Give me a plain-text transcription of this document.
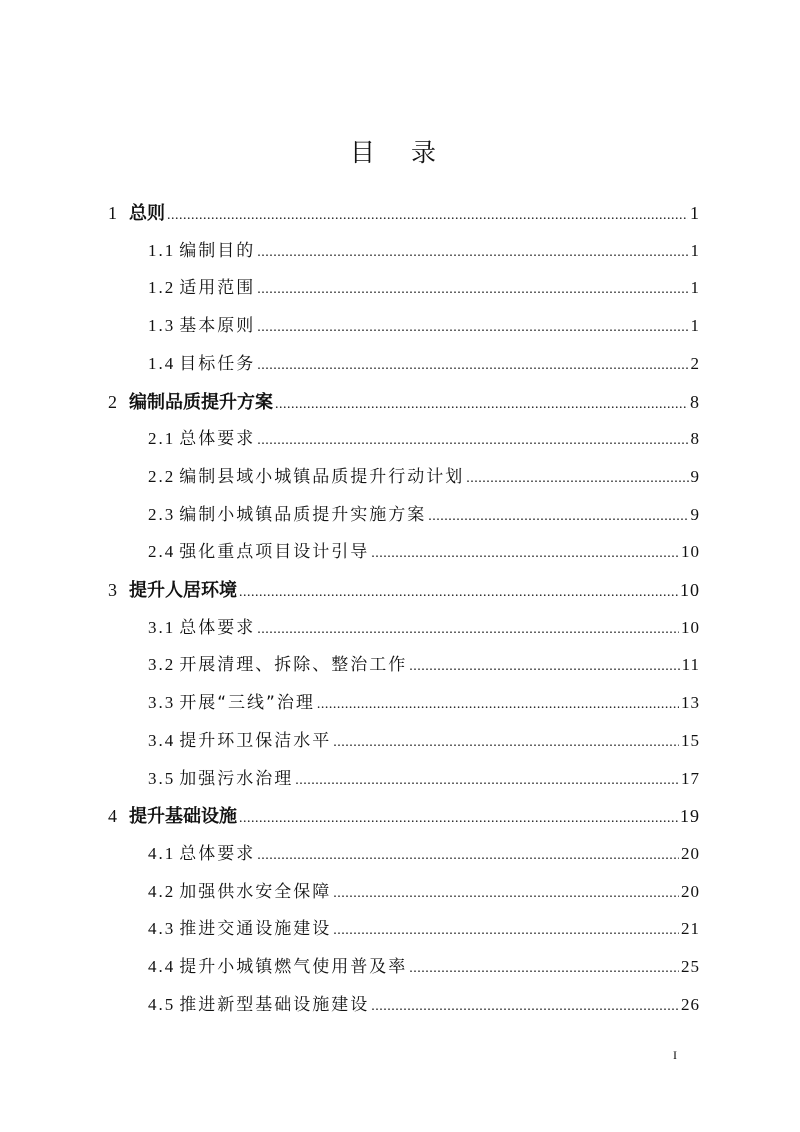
目 录
1 总则 .....	1
1.1 编制目的 .....	1
1.2 适用范围 .....	1
1.3 基本原则 .....	1
1.4 目标任务 .....	2
2 编制品质提升方案 .....	8
2.1 总体要求 .....	8
2.2 编制县域小城镇品质提升行动计划 .....	9
2.3 编制小城镇品质提升实施方案 .....	9
2.4 强化重点项目设计引导 .....	10
3 提升人居环境 .....	10
3.1 总体要求 .....	10
3.2 开展清理、拆除、整治工作 .....	11
3.3 开展“三线”治理 .....	13
3.4 提升环卫保洁水平 .....	15
3.5 加强污水治理 .....	17
4 提升基础设施 .....	19
4.1 总体要求 .....	20
4.2 加强供水安全保障 .....	20
4.3 推进交通设施建设 .....	21
4.4 提升小城镇燃气使用普及率 .....	25
4.5 推进新型基础设施建设 .....	26
I
